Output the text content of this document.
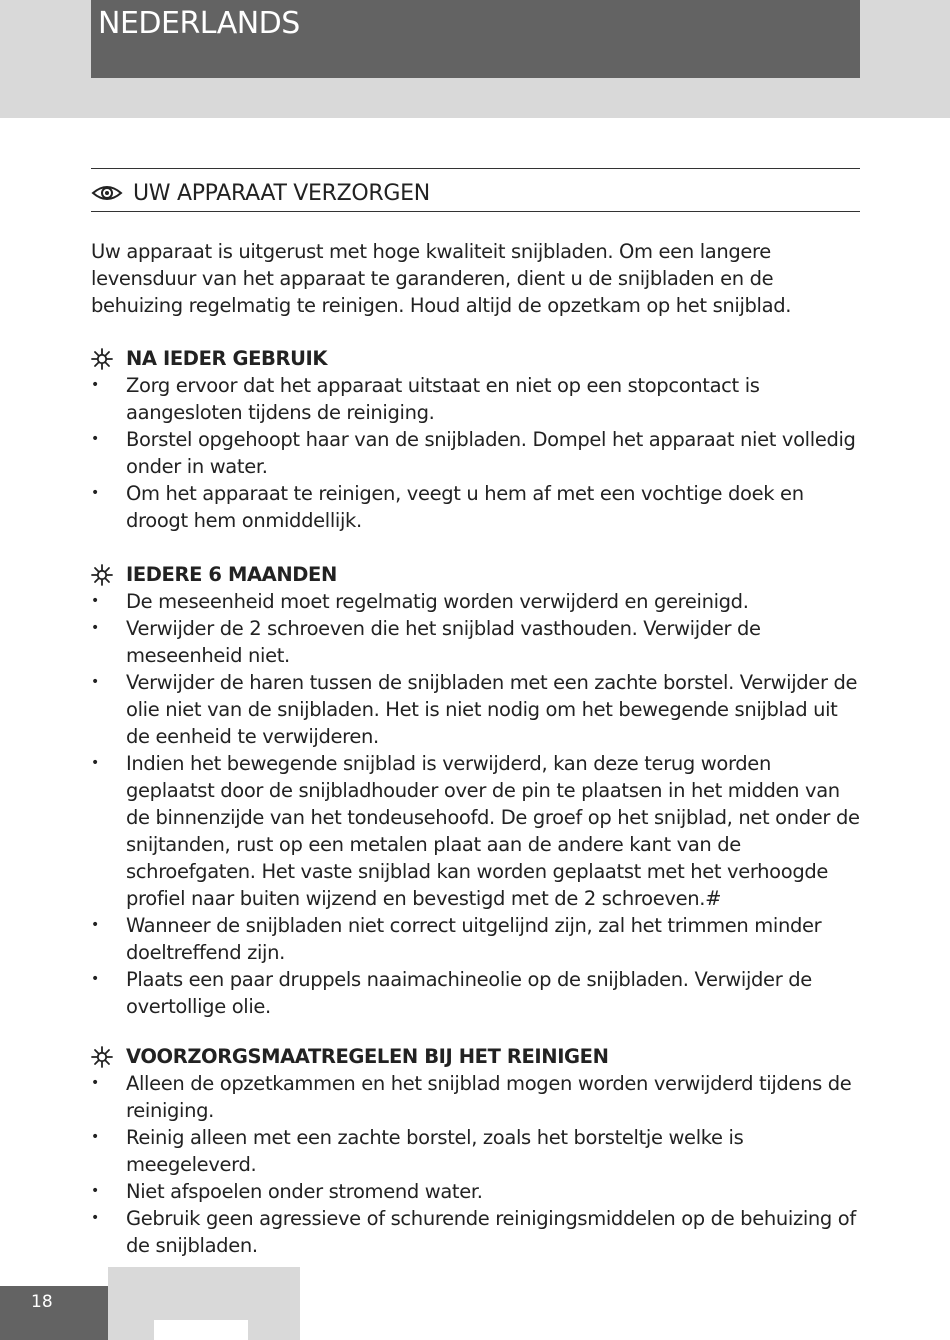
NEDERLANDS
UW APPARAAT VERZORGEN
Uw apparaat is uitgerust met hoge kwaliteit snijbladen. Om een langere levensduur van het apparaat te garanderen, dient u de snijbladen en de behuizing regelmatig te reinigen. Houd altijd de opzetkam op het snijblad.
NA IEDER GEBRUIK
• Zorg ervoor dat het apparaat uitstaat en niet op een stopcontact is aangesloten tijdens de reiniging.
• Borstel opgehoopt haar van de snijbladen. Dompel het apparaat niet volledig onder in water.
• Om het apparaat te reinigen, veegt u hem af met een vochtige doek en droogt hem onmiddellijk.
IEDERE 6 MAANDEN
• De meseenheid moet regelmatig worden verwijderd en gereinigd.
• Verwijder de 2 schroeven die het snijblad vasthouden. Verwijder de meseenheid niet.
• Verwijder de haren tussen de snijbladen met een zachte borstel. Verwijder de olie niet van de snijbladen. Het is niet nodig om het bewegende snijblad uit de eenheid te verwijderen.
• Indien het bewegende snijblad is verwijderd, kan deze terug worden geplaatst door de snijbladhouder over de pin te plaatsen in het midden van de binnenzijde van het tondeusehoofd. De groef op het snijblad, net onder de snijtanden, rust op een metalen plaat aan de andere kant van de schroefgaten. Het vaste snijblad kan worden geplaatst met het verhoogde profiel naar buiten wijzend en bevestigd met de 2 schroeven.#
• Wanneer de snijbladen niet correct uitgelijnd zijn, zal het trimmen minder doeltreffend zijn.
• Plaats een paar druppels naaimachineolie op de snijbladen. Verwijder de overtollige olie.
VOORZORGSMAATREGELEN BIJ HET REINIGEN
• Alleen de opzetkammen en het snijblad mogen worden verwijderd tijdens de reiniging.
• Reinig alleen met een zachte borstel, zoals het borsteltje welke is meegeleverd.
• Niet afspoelen onder stromend water.
• Gebruik geen agressieve of schurende reinigingsmiddelen op de behuizing of de snijbladen.
18
